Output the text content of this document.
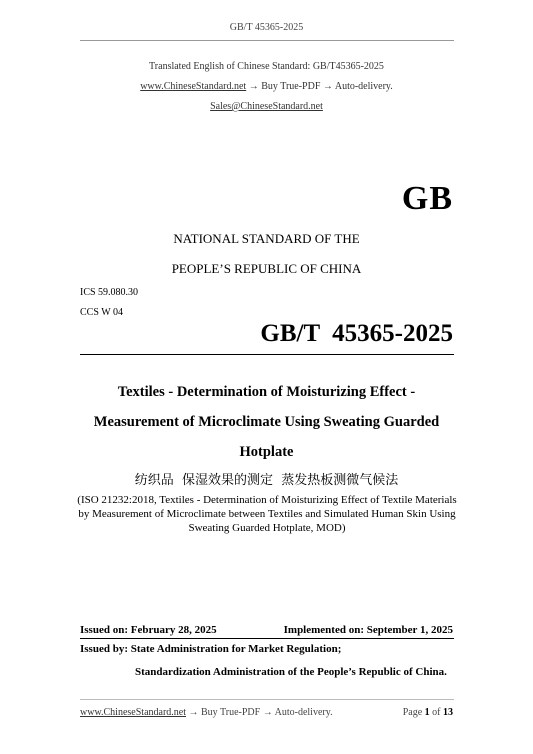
GB/T 45365-2025
Translated English of Chinese Standard: GB/T45365-2025
www.ChineseStandard.net → Buy True-PDF → Auto-delivery.
Sales@ChineseStandard.net
GB
NATIONAL STANDARD OF THE
PEOPLE’S REPUBLIC OF CHINA
ICS 59.080.30
CCS W 04
GB/T  45365-2025
Textiles - Determination of Moisturizing Effect -
Measurement of Microclimate Using Sweating Guarded
Hotplate
纺织品  保湿效果的测定  蒸发热板测微气候法
(ISO 21232:2018, Textiles - Determination of Moisturizing Effect of Textile Materials by Measurement of Microclimate between Textiles and Simulated Human Skin Using Sweating Guarded Hotplate, MOD)
Issued on: February 28, 2025	Implemented on: September 1, 2025
Issued by: State Administration for Market Regulation;
Standardization Administration of the People’s Republic of China.
www.ChineseStandard.net → Buy True-PDF → Auto-delivery.	Page 1 of 13
